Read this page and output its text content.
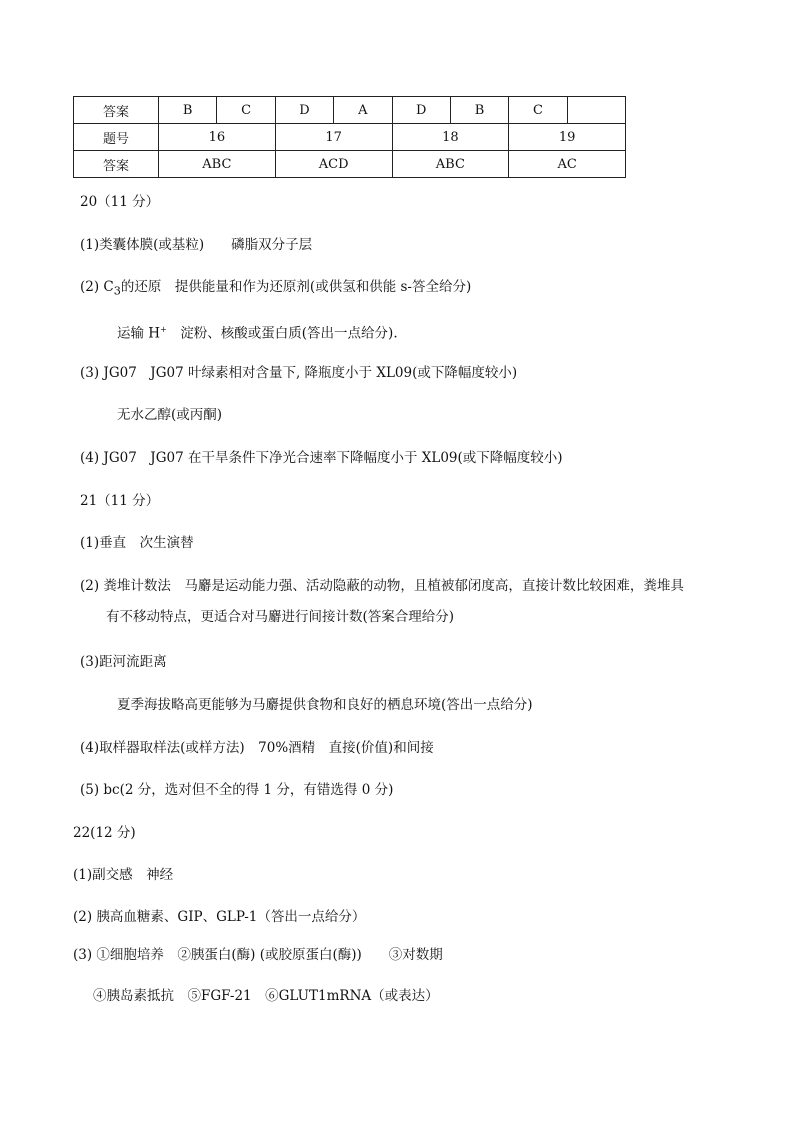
答案	B	C	D	A	D	B	C	
题号	16		17		18		19	
答案	ABC		ACD		ABC		AC	
20（11 分）
(1)类囊体膜(或基粒)　　磷脂双分子层
(2) $C_3$的还原　提供能量和作为还原剂(或供氢和供能 s-答全给分)
运输 H+　淀粉、核酸或蛋白质(答出一点给分).
(3) JG07　JG07 叶绿素相对含量下, 降瓶度小于 XL09(或下降幅度较小)
无水乙醇(或丙酮)
(4) JG07　JG07 在干旱条件下净光合速率下降幅度小于 XL09(或下降幅度较小)
21（11 分）
(1)垂直　次生演替
(2) 粪堆计数法　马麝是运动能力强、活动隐蔽的动物，且植被郁闭度高，直接计数比较困难，粪堆具
有不移动特点，更适合对马麝进行间接计数(答案合理给分)
(3)距河流距离
夏季海拔略高更能够为马麝提供食物和良好的栖息环境(答出一点给分)
(4)取样器取样法(或样方法)　70%酒精　直接(价值)和间接
(5) bc(2 分，选对但不全的得 1 分，有错选得 0 分)
22(12 分)
(1)副交感　神经
(2) 胰高血糖素、GIP、GLP-1（答出一点给分）
(3) ①细胞培养　②胰蛋白(酶) (或胶原蛋白(酶))　　③对数期
④胰岛素抵抗　⑤FGF-21　⑥GLUT1mRNA（或表达）
